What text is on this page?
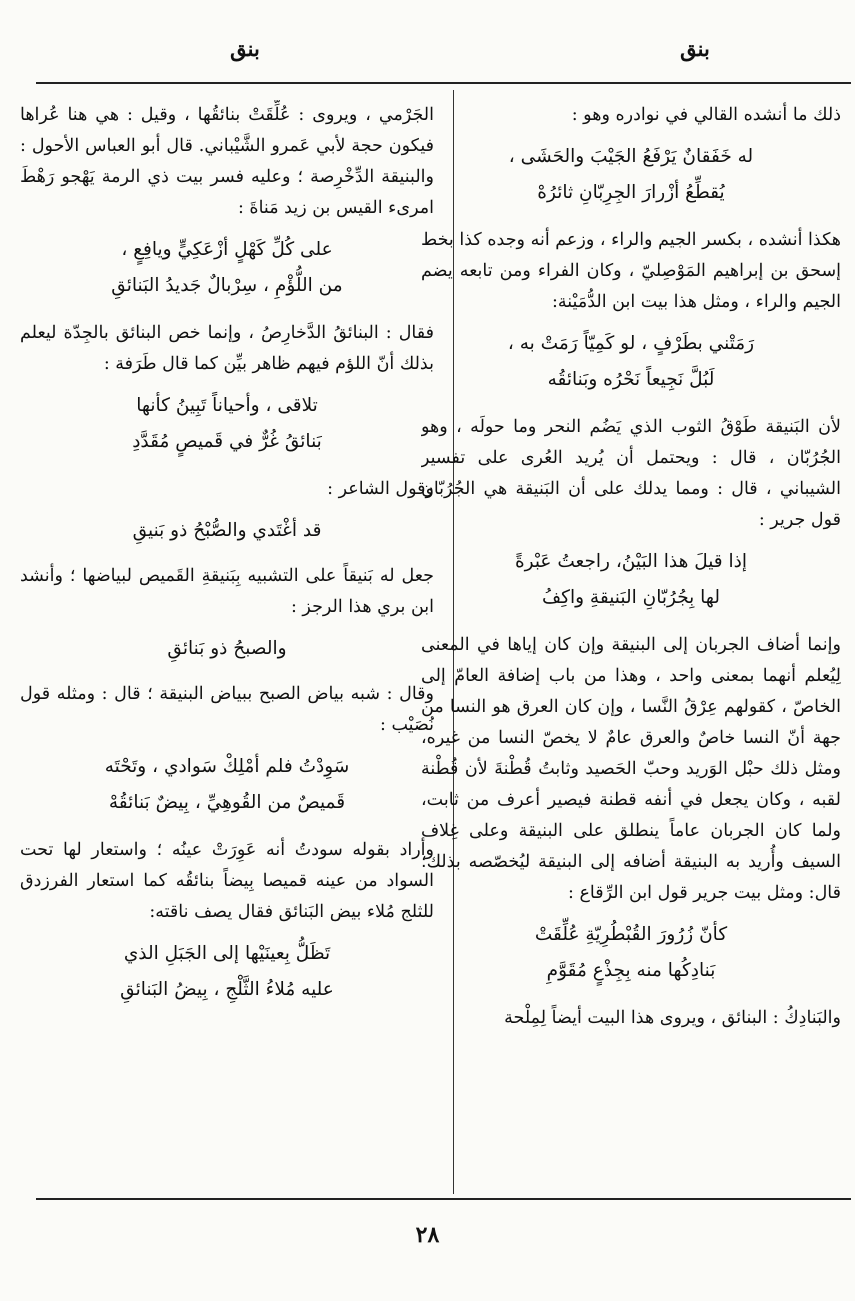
بنق
بنق

ذلك ما أنشده القالي في نوادره وهو :

له خَفَقانٌ يَرْفَعُ الجَيْبَ والحَشَى ،
يُقطِّعُ أزْرارَ الجِرِبّانِ ثائرُهْ

هكذا أنشده ، بكسر الجيم والراء ، وزعم أنه وجده كذا بخط إسحق بن إبراهيم المَوْصِليّ ، وكان الفراء ومن تابعه يضم الجيم والراء ، ومثل هذا بيت ابن الدُّمَيْنة:

رَمَتْني بطَرْفٍ ، لو كَمِيّاً رَمَتْ به ،
لَبُلَّ نَجِيعاً نَحْرُه وبَنائقُه

لأن البَنيقة طَوْقُ الثوب الذي يَضُم النحر وما حولَه ، وهو الجُرُبّان ، قال : ويحتمل أن يُريد العُرى على تفسير الشيباني ، قال : ومما يدلك على أن البَنيقة هي الجُرُبّان قول جرير :

إذا قيلَ هذا البَيْنُ، راجعتُ عَبْرةً
لها بِجُرُبّانِ البَنيقةِ واكِفُ

وإنما أضاف الجربان إلى البنيقة وإن كان إياها في المعنى لِيُعلم أنهما بمعنى واحد ، وهذا من باب إضافة العامّ إلى الخاصّ ، كقولهم عِرْقُ النَّسا ، وإن كان العرق هو النسا من جهة أنّ النسا خاصٌ والعرق عامٌ لا يخصّ النسا من غيره، ومثل ذلك حبْل الوَريد وحبّ الحَصيد وثابتُ قُطْنةَ لأن قُطْنة لقبه ، وكان يجعل في أنفه قطنة فيصير أعرف من ثابت، ولما كان الجربان عاماً ينطلق على البنيقة وعلى غِلاف السيف وأُريد به البنيقة أضافه إلى البنيقة ليُخصّصه بذلك؛ قال: ومثل بيت جرير قول ابن الرِّقاع :

كأنّ زُرُورَ القُبْطُرِيّةِ عُلِّقَتْ
بَنادِكُها منه بِجِذْعٍ مُقَوَّمِ

والبَنادِكُ : البنائق ، ويروى هذا البيت أيضاً لِمِلْحة

الجَرْمي ، ويروى : عُلِّقَتْ بنائقُها ، وقيل : هي هنا عُراها فيكون حجة لأبي عَمرو الشَّيْباني. قال أبو العباس الأحول : والبنيقة الدِّخْرِصة ؛ وعليه فسر بيت ذي الرمة يَهْجو رَهْطَ امرىء القيس بن زيد مَناةَ :

على كُلِّ كَهْلٍ أزْعَكِيٍّ ويافِعٍ ،
من اللُّؤْمِ ، سِرْبالٌ جَديدُ البَنائقِ

فقال : البنائقُ الدَّخارِصُ ، وإنما خص البنائق بالجِدّة ليعلم بذلك أنّ اللؤم فيهم ظاهر بيِّن كما قال طَرَفة :

تلاقى ، وأحياناً تَبِينُ كأنها
بَنائقُ غُرٌّ في قَميصٍ مُقَدَّدِ

وقول الشاعر :

قد أغْتَدي والصُّبْحُ ذو بَنيقِ

جعل له بَنيقاً على التشبيه بِبَنيقةِ القَميص لبياضها ؛ وأنشد ابن بري هذا الرجز :

والصبحُ ذو بَنائقِ

وقال : شبه بياض الصبح ببياض البنيقة ؛ قال : ومثله قول نُصَيْب :

سَوِدْتُ فلم أمْلِكْ سَوادي ، وتَحْتَه
قَميصٌ من القُوهِيِّ ، بِيضٌ بَنائقُهْ

وأراد بقوله سودتُ أنه عَوِرَتْ عينُه ؛ واستعار لها تحت السواد من عينه قميصا بِيضاً بنائقُه كما استعار الفرزدق للثلج مُلاء بيض البَنائق فقال يصف ناقته:

تَظَلُّ بِعينَيْها إلى الجَبَلِ الذي
عليه مُلاءُ الثَّلْجِ ، بِيضُ البَنائقِ
٢٨
